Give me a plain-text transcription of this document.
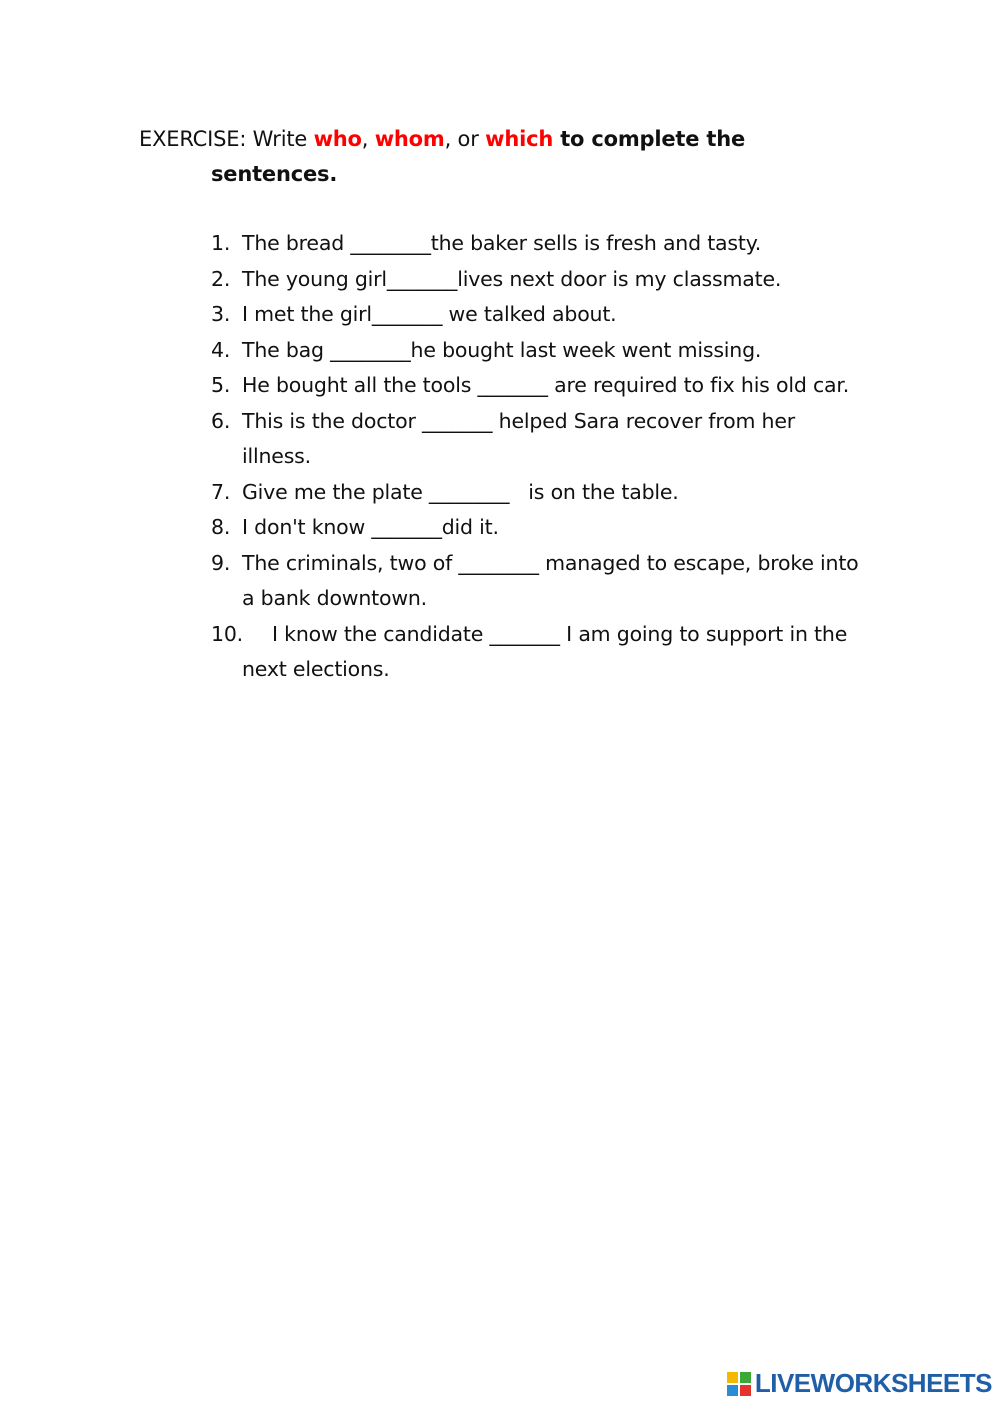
EXERCISE: Write who, whom, or which to complete the
sentences.
1. The bread ________the baker sells is fresh and tasty.
2. The young girl_______lives next door is my classmate.
3. I met the girl_______ we talked about.
4. The bag ________he bought last week went missing.
5. He bought all the tools _______ are required to fix his old car.
6. This is the doctor _______ helped Sara recover from her illness.
7. Give me the plate ________   is on the table.
8. I don't know _______did it.
9. The criminals, two of ________ managed to escape, broke into a bank downtown.
10. I know the candidate _______ I am going to support in the next elections.
LIVEWORKSHEETS
